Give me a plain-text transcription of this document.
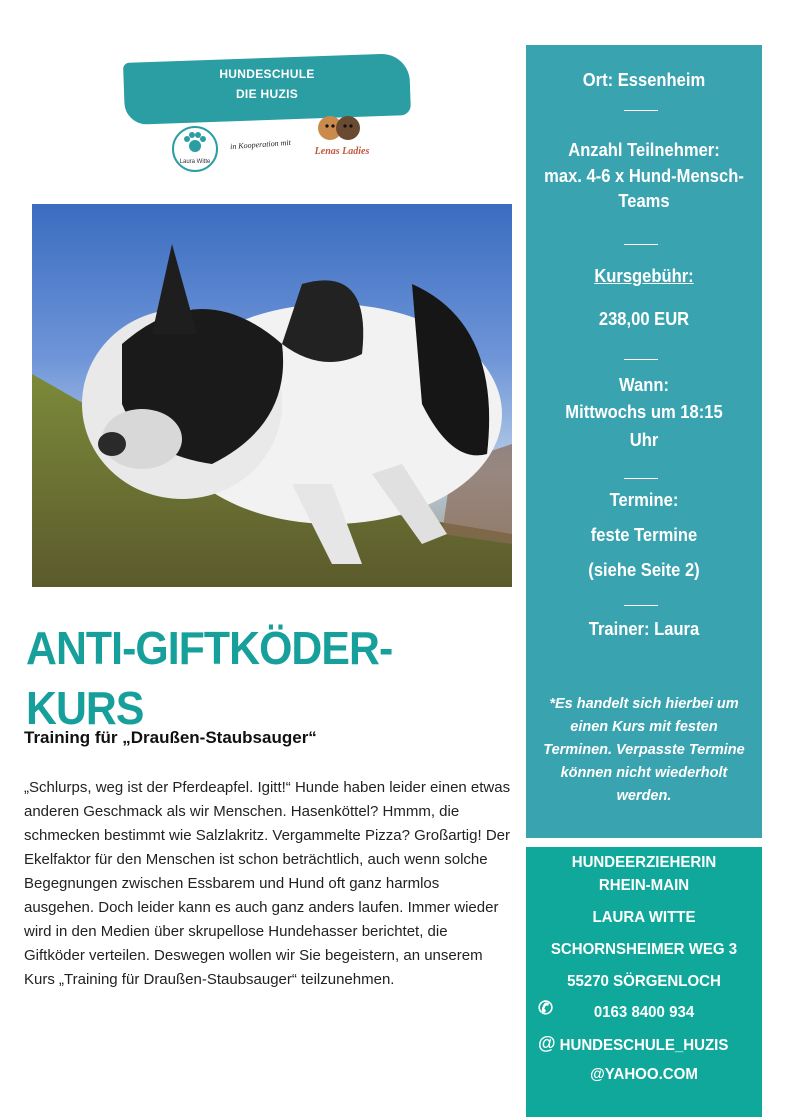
HUNDESCHULE
DIE HUZIS
Laura Witte
in Kooperation mit
Lenas Ladies
ANTI-GIFTKÖDER-KURS
Training für „Draußen-Staubsauger“
„Schlurps, weg ist der Pferdeapfel. Igitt!“ Hunde haben leider einen etwas anderen Geschmack als wir Menschen. Hasenköttel? Hmmm, die schmecken bestimmt wie Salzlakritz. Vergammelte Pizza? Großartig! Der Ekelfaktor für den Menschen ist schon beträchtlich, auch wenn solche Begegnungen zwischen Essbarem und Hund oft ganz harmlos ausgehen. Doch leider kann es auch ganz anders laufen. Immer wieder wird in den Medien über skrupellose Hundehasser berichtet, die Giftköder verteilen. Deswegen wollen wir Sie begeistern, an unserem Kurs „Training für Draußen-Staubsauger“ teilzunehmen.
Ort: Essenheim
Anzahl Teilnehmer:
max. 4-6 x Hund-Mensch-
Teams
Kursgebühr:
238,00 EUR
Wann:
Mittwochs um 18:15
Uhr
Termine:
feste Termine
(siehe Seite 2)
Trainer: Laura
*Es handelt sich hierbei um einen Kurs mit festen Terminen. Verpasste Termine können nicht wiederholt werden.
HUNDEERZIEHERIN
RHEIN-MAIN
LAURA WITTE
SCHORNSHEIMER WEG 3
55270 SÖRGENLOCH
✆	0163 8400 934
@ HUNDESCHULE_HUZIS
@YAHOO.COM
